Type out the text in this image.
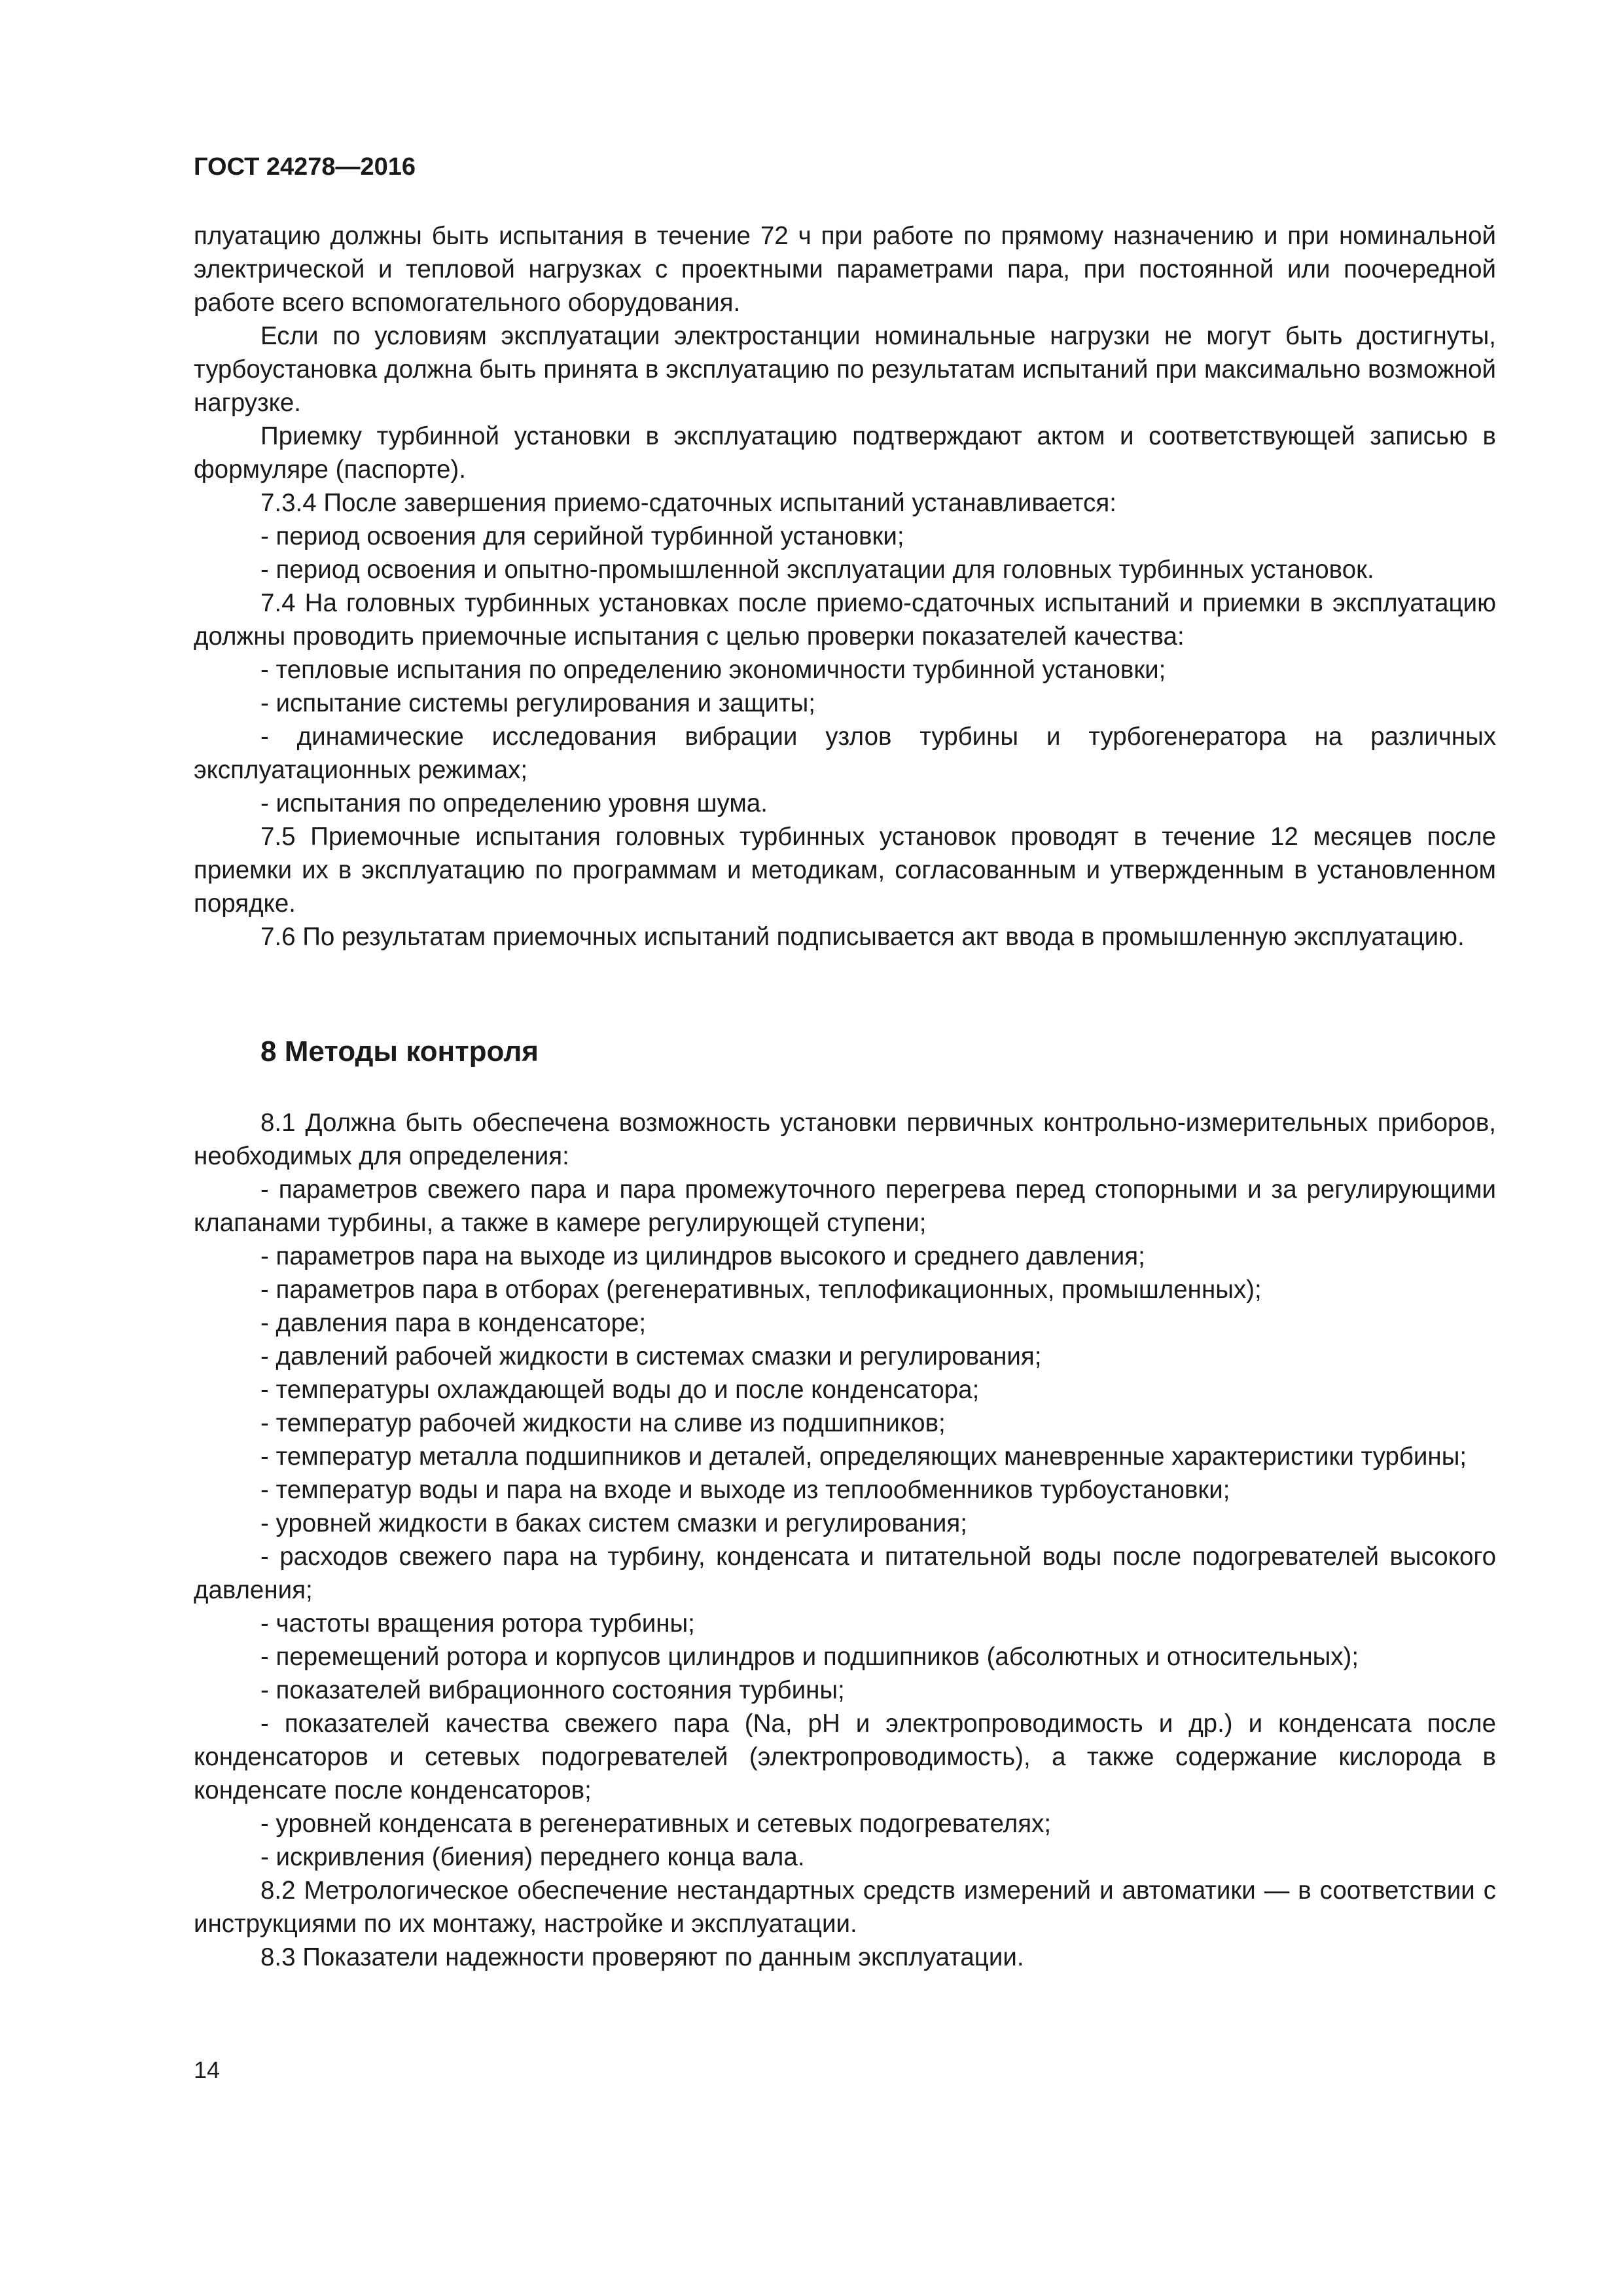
ГОСТ 24278—2016

плуатацию должны быть испытания в течение 72 ч при работе по прямому назначению и при номинальной электрической и тепловой нагрузках с проектными параметрами пара, при постоянной или поочередной работе всего вспомогательного оборудования.

Если по условиям эксплуатации электростанции номинальные нагрузки не могут быть достигнуты, турбоустановка должна быть принята в эксплуатацию по результатам испытаний при максимально возможной нагрузке.

Приемку турбинной установки в эксплуатацию подтверждают актом и соответствующей записью в формуляре (паспорте).

7.3.4 После завершения приемо-сдаточных испытаний устанавливается:

- период освоения для серийной турбинной установки;

- период освоения и опытно-промышленной эксплуатации для головных турбинных установок.

7.4 На головных турбинных установках после приемо-сдаточных испытаний и приемки в эксплуатацию должны проводить приемочные испытания с целью проверки показателей качества:

- тепловые испытания по определению экономичности турбинной установки;

- испытание системы регулирования и защиты;

- динамические исследования вибрации узлов турбины и турбогенератора на различных эксплуатационных режимах;

- испытания по определению уровня шума.

7.5 Приемочные испытания головных турбинных установок проводят в течение 12 месяцев после приемки их в эксплуатацию по программам и методикам, согласованным и утвержденным в установленном порядке.

7.6 По результатам приемочных испытаний подписывается акт ввода в промышленную эксплуатацию.

8 Методы контроля

8.1 Должна быть обеспечена возможность установки первичных контрольно-измерительных приборов, необходимых для определения:

- параметров свежего пара и пара промежуточного перегрева перед стопорными и за регулирующими клапанами турбины, а также в камере регулирующей ступени;

- параметров пара на выходе из цилиндров высокого и среднего давления;

- параметров пара в отборах (регенеративных, теплофикационных, промышленных);

- давления пара в конденсаторе;

- давлений рабочей жидкости в системах смазки и регулирования;

- температуры охлаждающей воды до и после конденсатора;

- температур рабочей жидкости на сливе из подшипников;

- температур металла подшипников и деталей, определяющих маневренные характеристики турбины;

- температур воды и пара на входе и выходе из теплообменников турбоустановки;

- уровней жидкости в баках систем смазки и регулирования;

- расходов свежего пара на турбину, конденсата и питательной воды после подогревателей высокого давления;

- частоты вращения ротора турбины;

- перемещений ротора и корпусов цилиндров и подшипников (абсолютных и относительных);

- показателей вибрационного состояния турбины;

- показателей качества свежего пара (Na, pH и электропроводимость и др.) и конденсата после конденсаторов и сетевых подогревателей (электропроводимость), а также содержание кислорода в конденсате после конденсаторов;

- уровней конденсата в регенеративных и сетевых подогревателях;

- искривления (биения) переднего конца вала.

8.2 Метрологическое обеспечение нестандартных средств измерений и автоматики — в соответствии с инструкциями по их монтажу, настройке и эксплуатации.

8.3 Показатели надежности проверяют по данным эксплуатации.

14
